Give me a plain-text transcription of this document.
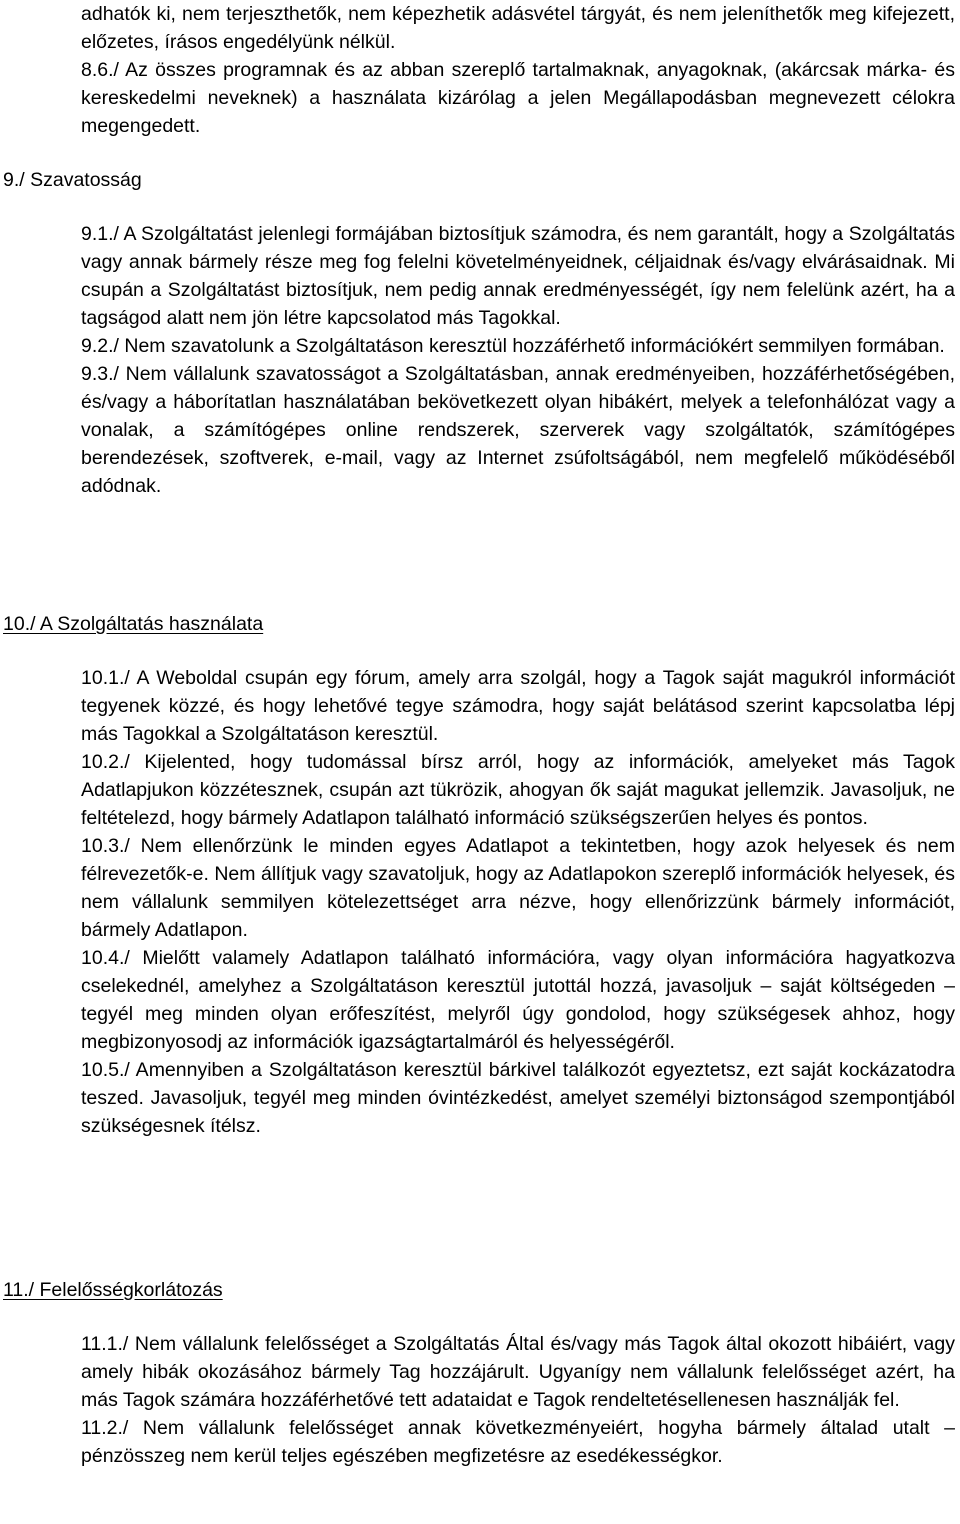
adhatók ki, nem terjeszthetők, nem képezhetik adásvétel tárgyát, és nem jeleníthetők meg kifejezett, előzetes, írásos engedélyünk nélkül.

8.6./ Az összes programnak és az abban szereplő tartalmaknak, anyagoknak, (akárcsak márka- és kereskedelmi neveknek) a használata kizárólag a jelen Megállapodásban megnevezett célokra megengedett.

9./ Szavatosság

9.1./ A Szolgáltatást jelenlegi formájában biztosítjuk számodra, és nem garantált, hogy a Szolgáltatás vagy annak bármely része meg fog felelni követelményeidnek, céljaidnak és/vagy elvárásaidnak. Mi csupán a Szolgáltatást biztosítjuk, nem pedig annak eredményességét, így nem felelünk azért, ha a tagságod alatt nem jön létre kapcsolatod más Tagokkal.

9.2./ Nem szavatolunk a Szolgáltatáson keresztül hozzáférhető információkért semmilyen formában.

9.3./ Nem vállalunk szavatosságot a Szolgáltatásban, annak eredményeiben, hozzáférhetőségében, és/vagy a háborítatlan használatában bekövetkezett olyan hibákért, melyek a telefonhálózat vagy a vonalak, a számítógépes online rendszerek, szerverek vagy szolgáltatók, számítógépes berendezések, szoftverek, e-mail, vagy az Internet zsúfoltságából, nem megfelelő működéséből adódnak.

10./ A Szolgáltatás használata

10.1./ A Weboldal csupán egy fórum, amely arra szolgál, hogy a Tagok saját magukról információt tegyenek közzé, és hogy lehetővé tegye számodra, hogy saját belátásod szerint kapcsolatba lépj más Tagokkal a Szolgáltatáson keresztül.

10.2./ Kijelented, hogy tudomással bírsz arról, hogy az információk, amelyeket más Tagok Adatlapjukon közzétesznek, csupán azt tükrözik, ahogyan ők saját magukat jellemzik. Javasoljuk, ne feltételezd, hogy bármely Adatlapon található információ szükségszerűen helyes és pontos.

10.3./ Nem ellenőrzünk le minden egyes Adatlapot a tekintetben, hogy azok helyesek és nem félrevezetők-e. Nem állítjuk vagy szavatoljuk, hogy az Adatlapokon szereplő információk helyesek, és nem vállalunk semmilyen kötelezettséget arra nézve, hogy ellenőrizzünk bármely információt, bármely Adatlapon.

10.4./ Mielőtt valamely Adatlapon található információra, vagy olyan információra hagyatkozva cselekednél, amelyhez a Szolgáltatáson keresztül jutottál hozzá, javasoljuk – saját költségeden – tegyél meg minden olyan erőfeszítést, melyről úgy gondolod, hogy szükségesek ahhoz, hogy megbizonyosodj az információk igazságtartalmáról és helyességéről.

10.5./ Amennyiben a Szolgáltatáson keresztül bárkivel találkozót egyeztetsz, ezt saját kockázatodra teszed. Javasoljuk, tegyél meg minden óvintézkedést, amelyet személyi biztonságod szempontjából szükségesnek ítélsz.

11./ Felelősségkorlátozás

11.1./ Nem vállalunk felelősséget a Szolgáltatás Által és/vagy más Tagok által okozott hibáiért, vagy amely hibák okozásához bármely Tag hozzájárult. Ugyanígy nem vállalunk felelősséget azért, ha más Tagok számára hozzáférhetővé tett adataidat e Tagok rendeltetésellenesen használják fel.

11.2./ Nem vállalunk felelősséget annak következményeiért, hogyha bármely általad utalt – pénzösszeg nem kerül teljes egészében megfizetésre az esedékességkor.
